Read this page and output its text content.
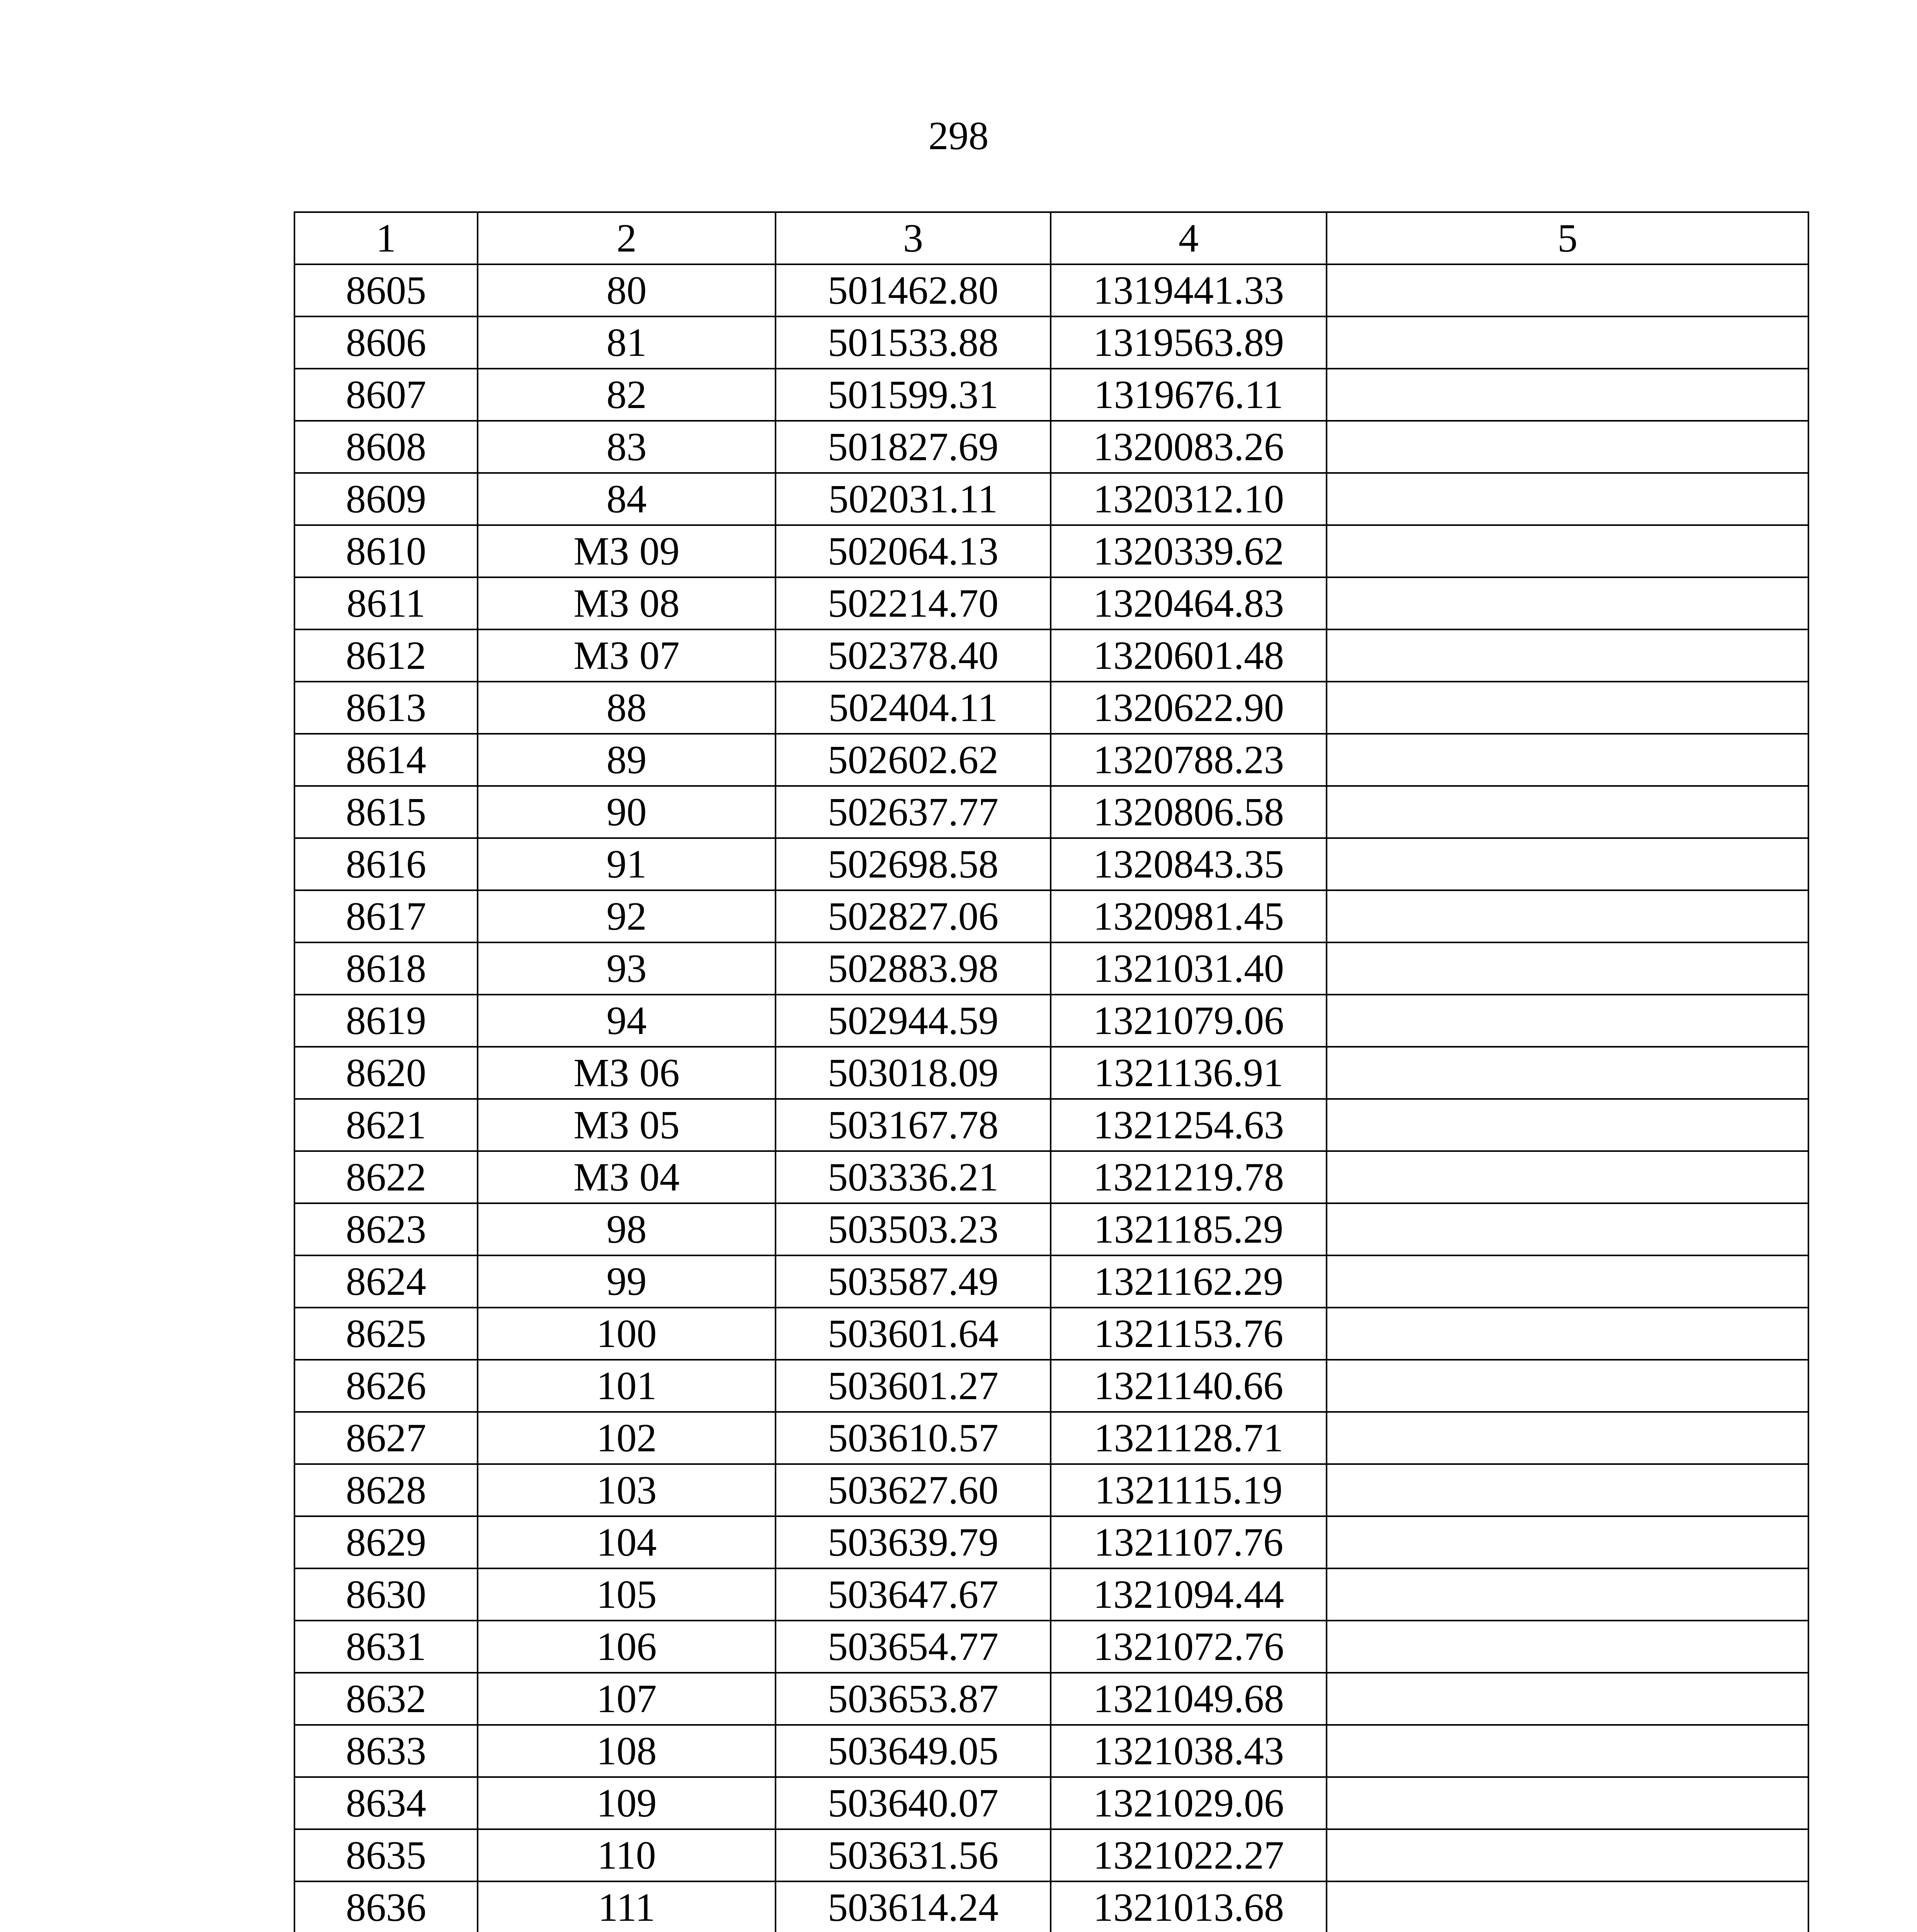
298
1	2	3	4	5
8605	80	501462.80	1319441.33	
8606	81	501533.88	1319563.89	
8607	82	501599.31	1319676.11	
8608	83	501827.69	1320083.26	
8609	84	502031.11	1320312.10	
8610	МЗ 09	502064.13	1320339.62	
8611	МЗ 08	502214.70	1320464.83	
8612	МЗ 07	502378.40	1320601.48	
8613	88	502404.11	1320622.90	
8614	89	502602.62	1320788.23	
8615	90	502637.77	1320806.58	
8616	91	502698.58	1320843.35	
8617	92	502827.06	1320981.45	
8618	93	502883.98	1321031.40	
8619	94	502944.59	1321079.06	
8620	МЗ 06	503018.09	1321136.91	
8621	МЗ 05	503167.78	1321254.63	
8622	МЗ 04	503336.21	1321219.78	
8623	98	503503.23	1321185.29	
8624	99	503587.49	1321162.29	
8625	100	503601.64	1321153.76	
8626	101	503601.27	1321140.66	
8627	102	503610.57	1321128.71	
8628	103	503627.60	1321115.19	
8629	104	503639.79	1321107.76	
8630	105	503647.67	1321094.44	
8631	106	503654.77	1321072.76	
8632	107	503653.87	1321049.68	
8633	108	503649.05	1321038.43	
8634	109	503640.07	1321029.06	
8635	110	503631.56	1321022.27	
8636	111	503614.24	1321013.68	
